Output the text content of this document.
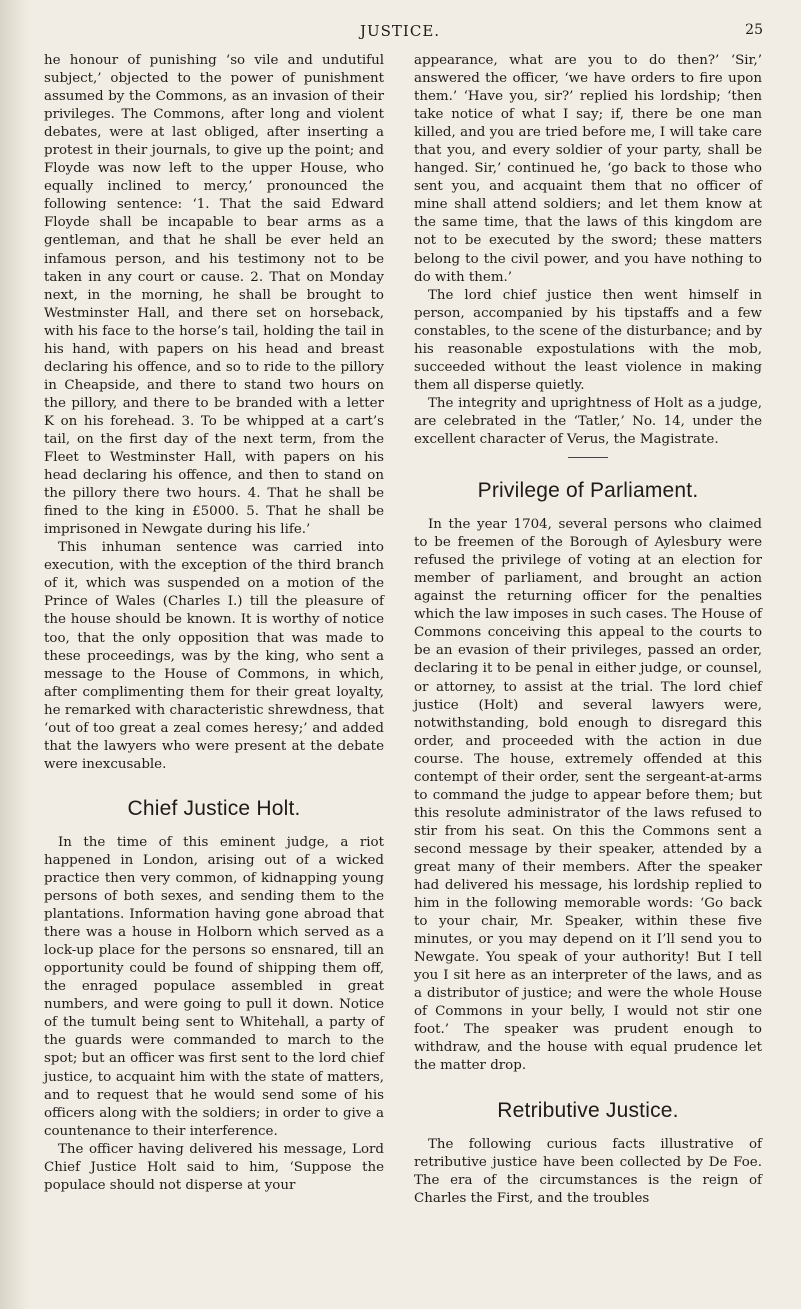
JUSTICE.	25

he honour of punishing ‘so vile and undutiful subject,’ objected to the power of punishment assumed by the Commons, as an invasion of their privileges. The Commons, after long and violent debates, were at last obliged, after inserting a protest in their journals, to give up the point; and Floyde was now left to the upper House, who equally inclined to mercy,’ pronounced the following sentence: ‘1. That the said Edward Floyde shall be incapable to bear arms as a gentleman, and that he shall be ever held an infamous person, and his testimony not to be taken in any court or cause. 2. That on Monday next, in the morning, he shall be brought to Westminster Hall, and there set on horseback, with his face to the horse’s tail, holding the tail in his hand, with papers on his head and breast declaring his offence, and so to ride to the pillory in Cheapside, and there to stand two hours on the pillory, and there to be branded with a letter K on his forehead. 3. To be whipped at a cart’s tail, on the first day of the next term, from the Fleet to Westminster Hall, with papers on his head declaring his offence, and then to stand on the pillory there two hours. 4. That he shall be fined to the king in £5000. 5. That he shall be imprisoned in Newgate during his life.’

This inhuman sentence was carried into execution, with the exception of the third branch of it, which was suspended on a motion of the Prince of Wales (Charles I.) till the pleasure of the house should be known. It is worthy of notice too, that the only opposition that was made to these proceedings, was by the king, who sent a message to the House of Commons, in which, after complimenting them for their great loyalty, he remarked with characteristic shrewdness, that ‘out of too great a zeal comes heresy;’ and added that the lawyers who were present at the debate were inexcusable.

Chief Justice Holt.

In the time of this eminent judge, a riot happened in London, arising out of a wicked practice then very common, of kidnapping young persons of both sexes, and sending them to the plantations. Information having gone abroad that there was a house in Holborn which served as a lock-up place for the persons so ensnared, till an opportunity could be found of shipping them off, the enraged populace assembled in great numbers, and were going to pull it down. Notice of the tumult being sent to Whitehall, a party of the guards were commanded to march to the spot; but an officer was first sent to the lord chief justice, to acquaint him with the state of matters, and to request that he would send some of his officers along with the soldiers; in order to give a countenance to their interference.

The officer having delivered his message, Lord Chief Justice Holt said to him, ‘Suppose the populace should not disperse at your

appearance, what are you to do then?’ ‘Sir,’ answered the officer, ‘we have orders to fire upon them.’ ‘Have you, sir?’ replied his lordship; ‘then take notice of what I say; if, there be one man killed, and you are tried before me, I will take care that you, and every soldier of your party, shall be hanged. Sir,’ continued he, ‘go back to those who sent you, and acquaint them that no officer of mine shall attend soldiers; and let them know at the same time, that the laws of this kingdom are not to be executed by the sword; these matters belong to the civil power, and you have nothing to do with them.’

The lord chief justice then went himself in person, accompanied by his tipstaffs and a few constables, to the scene of the disturbance; and by his reasonable expostulations with the mob, succeeded without the least violence in making them all disperse quietly.

The integrity and uprightness of Holt as a judge, are celebrated in the ‘Tatler,’ No. 14, under the excellent character of Verus, the Magistrate.

Privilege of Parliament.

In the year 1704, several persons who claimed to be freemen of the Borough of Aylesbury were refused the privilege of voting at an election for member of parliament, and brought an action against the returning officer for the penalties which the law imposes in such cases. The House of Commons conceiving this appeal to the courts to be an evasion of their privileges, passed an order, declaring it to be penal in either judge, or counsel, or attorney, to assist at the trial. The lord chief justice (Holt) and several lawyers were, notwithstanding, bold enough to disregard this order, and proceeded with the action in due course. The house, extremely offended at this contempt of their order, sent the sergeant-at-arms to command the judge to appear before them; but this resolute administrator of the laws refused to stir from his seat. On this the Commons sent a second message by their speaker, attended by a great many of their members. After the speaker had delivered his message, his lordship replied to him in the following memorable words: ‘Go back to your chair, Mr. Speaker, within these five minutes, or you may depend on it I’ll send you to Newgate. You speak of your authority! But I tell you I sit here as an interpreter of the laws, and as a distributor of justice; and were the whole House of Commons in your belly, I would not stir one foot.’ The speaker was prudent enough to withdraw, and the house with equal prudence let the matter drop.

Retributive Justice.

The following curious facts illustrative of retributive justice have been collected by De Foe. The era of the circumstances is the reign of Charles the First, and the troubles
